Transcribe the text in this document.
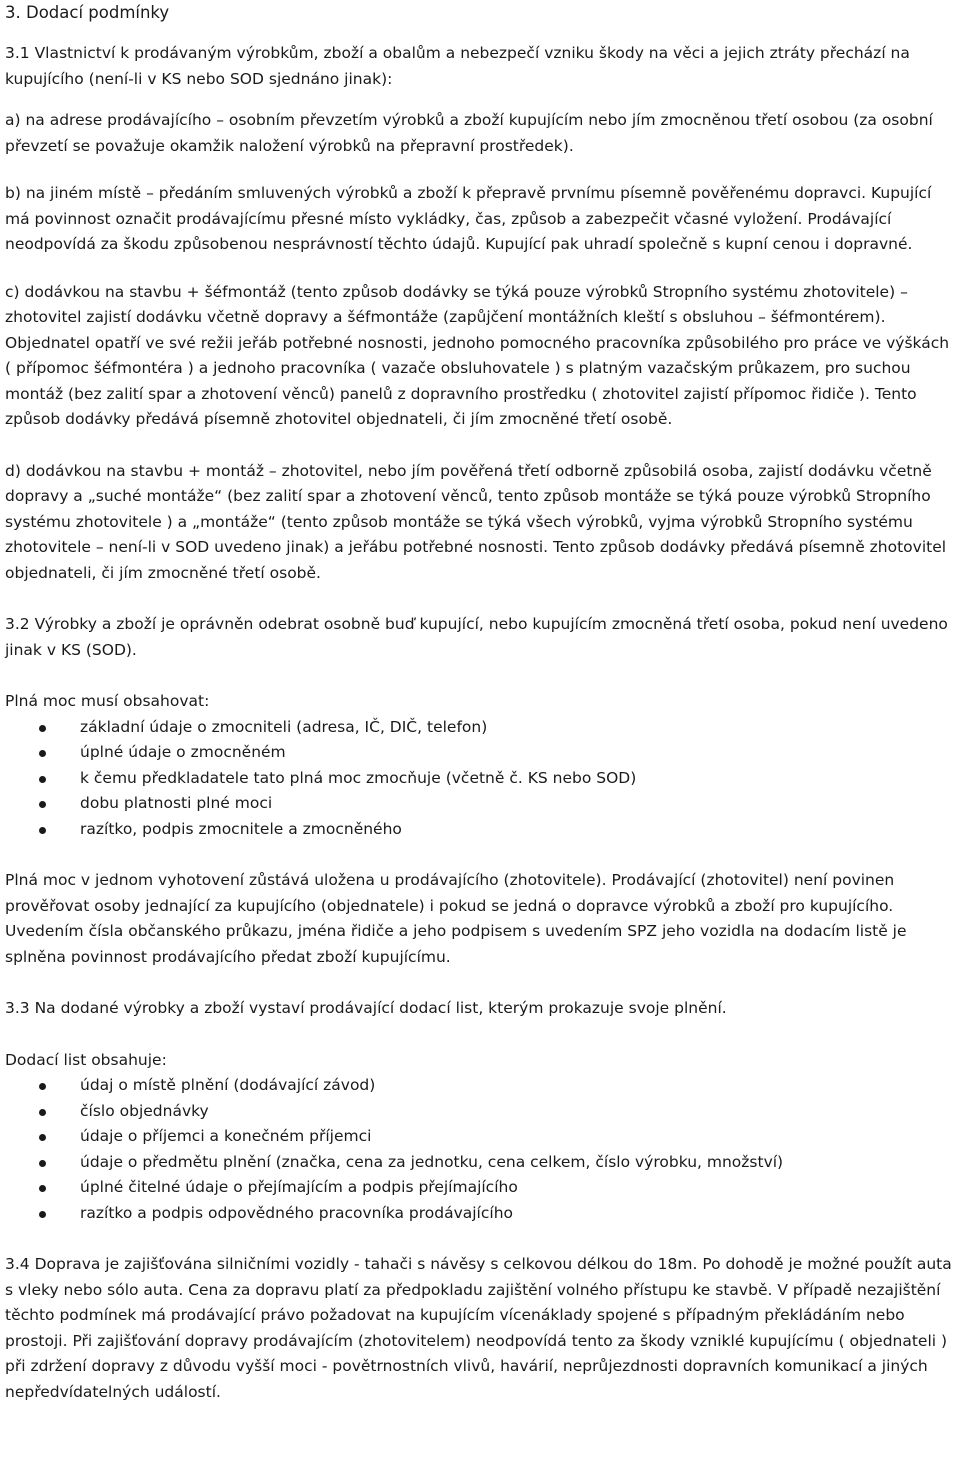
3. Dodací podmínky

3.1 Vlastnictví k prodávaným výrobkům, zboží a obalům a nebezpečí vzniku škody na věci a jejich ztráty přechází na kupujícího (není-li v KS nebo SOD sjednáno jinak):

a) na adrese prodávajícího – osobním převzetím výrobků a zboží kupujícím nebo jím zmocněnou třetí osobou (za osobní převzetí se považuje okamžik naložení výrobků na přepravní prostředek).

b) na jiném místě – předáním smluvených výrobků a zboží k přepravě prvnímu písemně pověřenému dopravci. Kupující má povinnost označit prodávajícímu přesné místo vykládky, čas, způsob a zabezpečit včasné vyložení. Prodávající neodpovídá za škodu způsobenou nesprávností těchto údajů. Kupující pak uhradí společně s kupní cenou i dopravné.

c) dodávkou na stavbu + šéfmontáž (tento způsob dodávky se týká pouze výrobků Stropního systému zhotovitele) – zhotovitel zajistí dodávku včetně dopravy a šéfmontáže (zapůjčení montážních kleští s obsluhou – šéfmontérem). Objednatel opatří ve své režii jeřáb potřebné nosnosti, jednoho pomocného pracovníka způsobilého pro práce ve výškách ( přípomoc šéfmontéra ) a jednoho pracovníka ( vazače obsluhovatele ) s platným vazačským průkazem, pro suchou montáž (bez zalití spar a zhotovení věnců) panelů z dopravního prostředku ( zhotovitel zajistí přípomoc řidiče ). Tento způsob dodávky předává písemně zhotovitel objednateli, či jím zmocněné třetí osobě.

d) dodávkou na stavbu + montáž – zhotovitel, nebo jím pověřená třetí odborně způsobilá osoba, zajistí dodávku včetně dopravy a „suché montáže“ (bez zalití spar a zhotovení věnců, tento způsob montáže se týká pouze výrobků Stropního systému zhotovitele ) a „montáže“ (tento způsob montáže se týká všech výrobků, vyjma výrobků Stropního systému zhotovitele – není-li v SOD uvedeno jinak) a jeřábu potřebné nosnosti. Tento způsob dodávky předává písemně zhotovitel objednateli, či jím zmocněné třetí osobě.

3.2 Výrobky a zboží je oprávněn odebrat osobně buď kupující, nebo kupujícím zmocněná třetí osoba, pokud není uvedeno jinak v KS (SOD).

Plná moc musí obsahovat:

základní údaje o zmocniteli (adresa, IČ, DIČ, telefon)
úplné údaje o zmocněném
k čemu předkladatele tato plná moc zmocňuje (včetně č. KS nebo SOD)
dobu platnosti plné moci
razítko, podpis zmocnitele a zmocněného

Plná moc v jednom vyhotovení zůstává uložena u prodávajícího (zhotovitele). Prodávající (zhotovitel) není povinen prověřovat osoby jednající za kupujícího (objednatele) i pokud se jedná o dopravce výrobků a zboží pro kupujícího. Uvedením čísla občanského průkazu, jména řidiče a jeho podpisem s uvedením SPZ jeho vozidla na dodacím listě je splněna povinnost prodávajícího předat zboží kupujícímu.

3.3 Na dodané výrobky a zboží vystaví prodávající dodací list, kterým prokazuje svoje plnění.

Dodací list obsahuje:

údaj o místě plnění (dodávající závod)
číslo objednávky
údaje o příjemci a konečném příjemci
údaje o předmětu plnění (značka, cena za jednotku, cena celkem, číslo výrobku, množství)
úplné čitelné údaje o přejímajícím a podpis přejímajícího
razítko a podpis odpovědného pracovníka prodávajícího

3.4 Doprava je zajišťována silničními vozidly - tahači s návěsy s celkovou délkou do 18m. Po dohodě je možné použít auta s vleky nebo sólo auta. Cena za dopravu platí za předpokladu zajištění volného přístupu ke stavbě. V případě nezajištění těchto podmínek má prodávající právo požadovat na kupujícím vícenáklady spojené s případným překládáním nebo prostoji. Při zajišťování dopravy prodávajícím (zhotovitelem) neodpovídá tento za škody vzniklé kupujícímu ( objednateli ) při zdržení dopravy z důvodu vyšší moci - povětrnostních vlivů, havárií, neprůjezdnosti dopravních komunikací a jiných nepředvídatelných událostí.
